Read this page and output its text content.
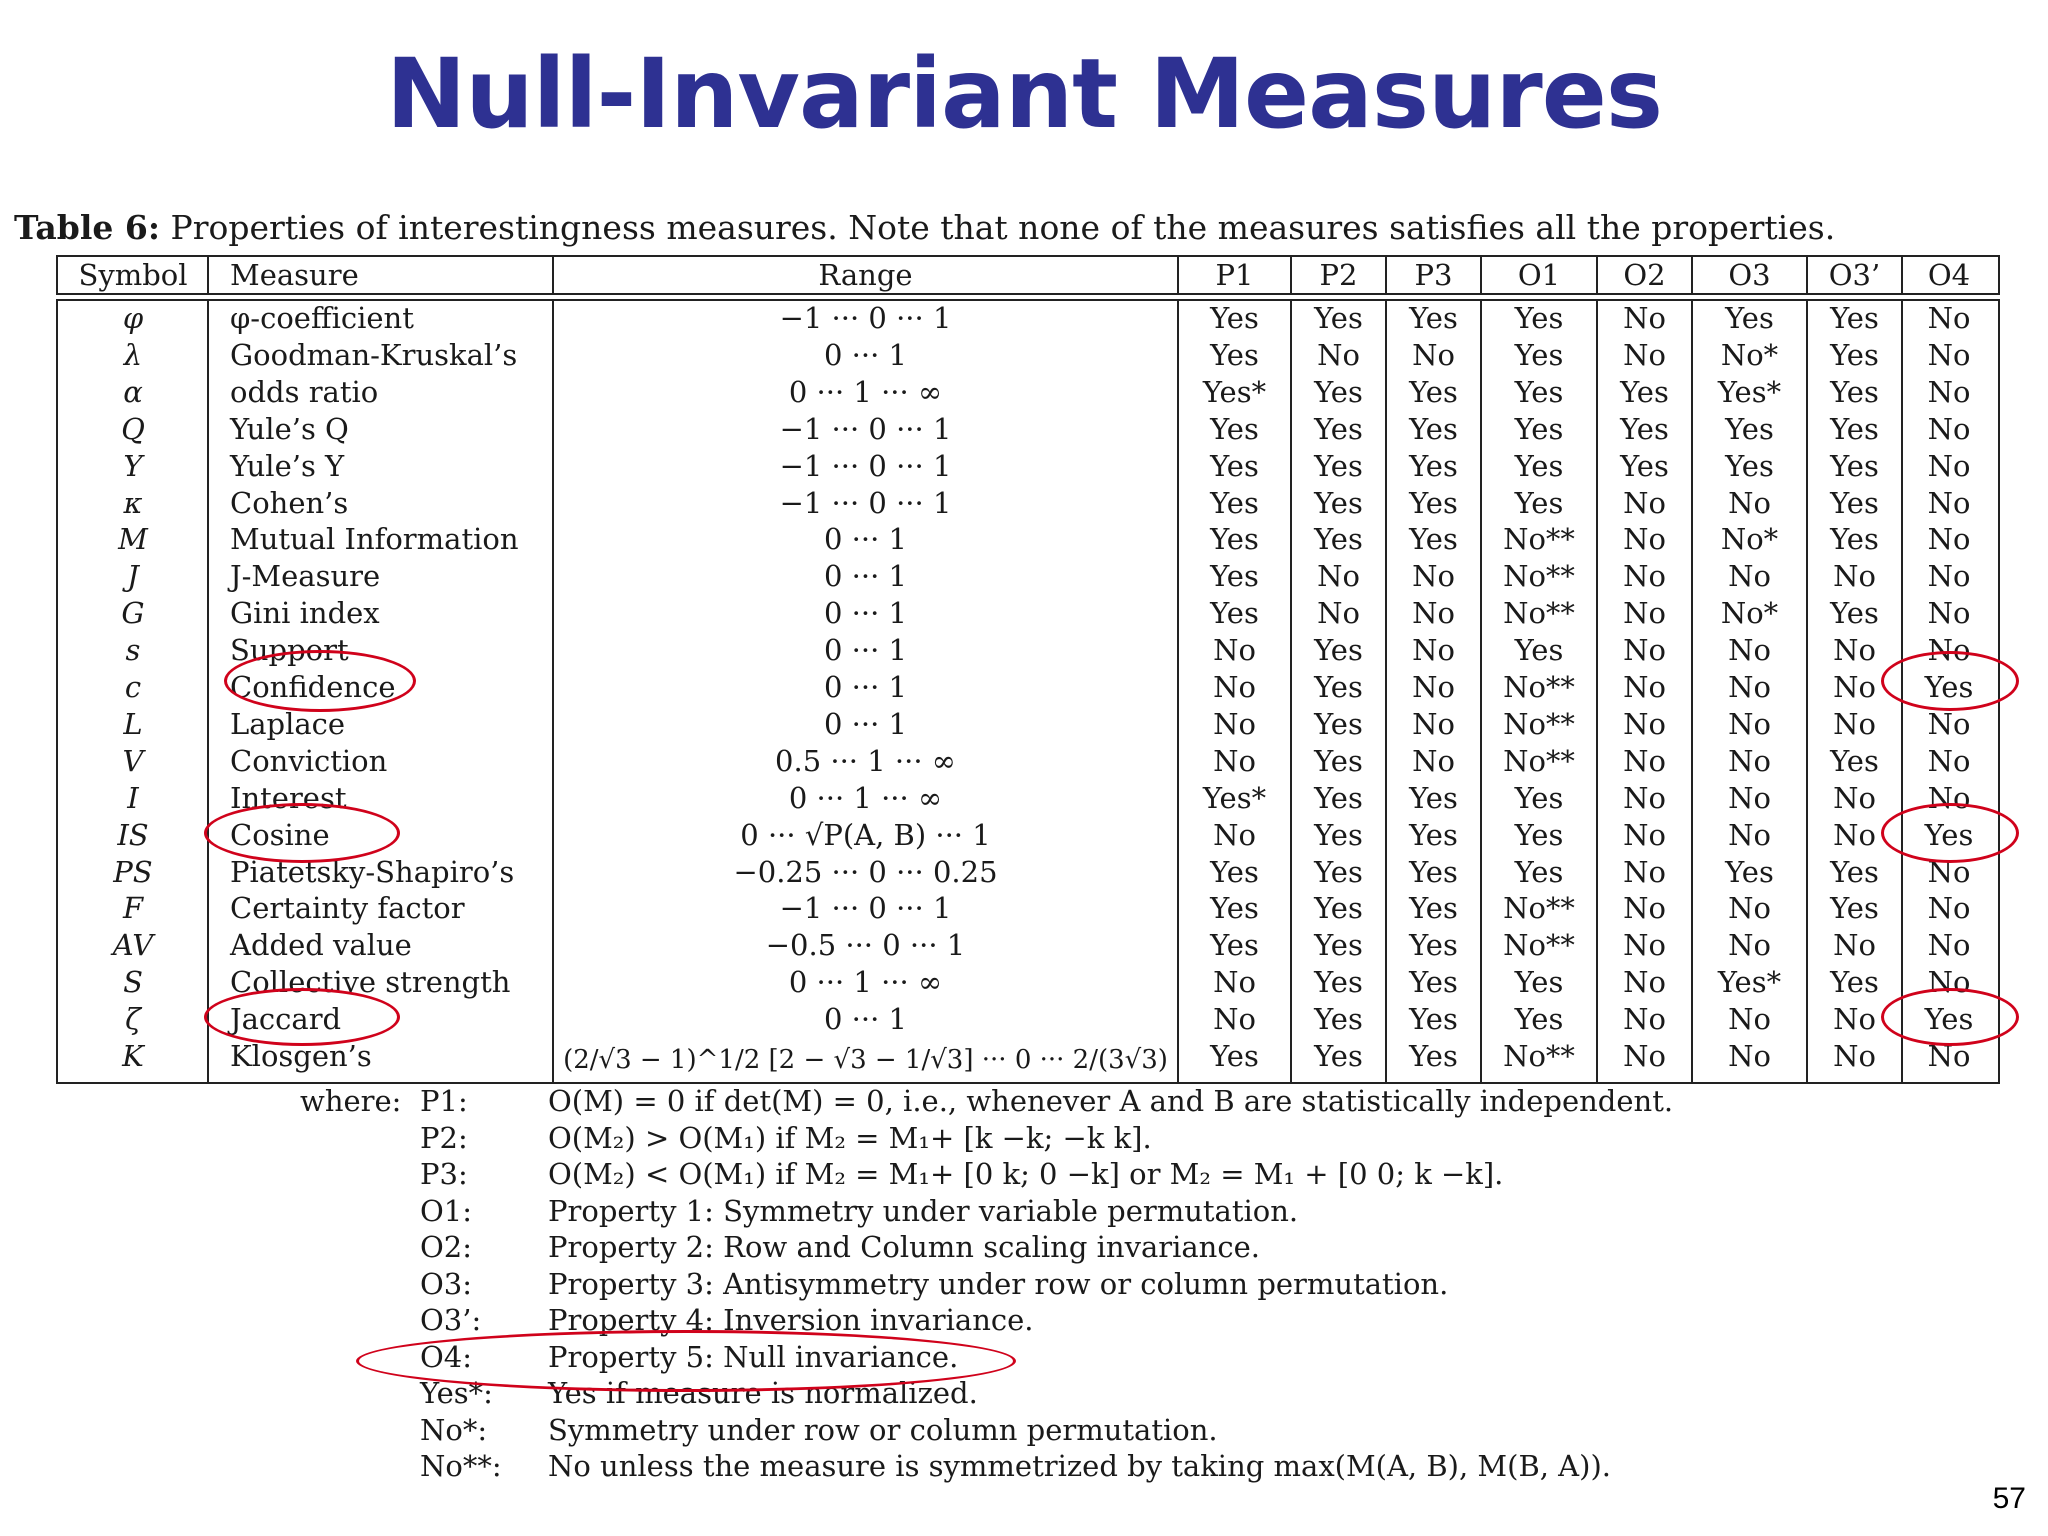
Null-Invariant Measures
Table 6: Properties of interestingness measures. Note that none of the measures satisfies all the properties.
Symbol	Measure	Range	P1	P2	P3	O1	O2	O3	O3’	O4
φ	φ-coefficient	−1 ··· 0 ··· 1	Yes	Yes	Yes	Yes	No	Yes	Yes	No
λ	Goodman-Kruskal’s	0 ··· 1	Yes	No	No	Yes	No	No*	Yes	No
α	odds ratio	0 ··· 1 ··· ∞	Yes*	Yes	Yes	Yes	Yes	Yes*	Yes	No
Q	Yule’s Q	−1 ··· 0 ··· 1	Yes	Yes	Yes	Yes	Yes	Yes	Yes	No
Y	Yule’s Y	−1 ··· 0 ··· 1	Yes	Yes	Yes	Yes	Yes	Yes	Yes	No
κ	Cohen’s	−1 ··· 0 ··· 1	Yes	Yes	Yes	Yes	No	No	Yes	No
M	Mutual Information	0 ··· 1	Yes	Yes	Yes	No**	No	No*	Yes	No
J	J-Measure	0 ··· 1	Yes	No	No	No**	No	No	No	No
G	Gini index	0 ··· 1	Yes	No	No	No**	No	No*	Yes	No
s	Support	0 ··· 1	No	Yes	No	Yes	No	No	No	No
c	Confidence	0 ··· 1	No	Yes	No	No**	No	No	No	Yes
L	Laplace	0 ··· 1	No	Yes	No	No**	No	No	No	No
V	Conviction	0.5 ··· 1 ··· ∞	No	Yes	No	No**	No	No	Yes	No
I	Interest	0 ··· 1 ··· ∞	Yes*	Yes	Yes	Yes	No	No	No	No
IS	Cosine	0 ··· √P(A, B) ··· 1	No	Yes	Yes	Yes	No	No	No	Yes
PS	Piatetsky-Shapiro’s	−0.25 ··· 0 ··· 0.25	Yes	Yes	Yes	Yes	No	Yes	Yes	No
F	Certainty factor	−1 ··· 0 ··· 1	Yes	Yes	Yes	No**	No	No	Yes	No
AV	Added value	−0.5 ··· 0 ··· 1	Yes	Yes	Yes	No**	No	No	No	No
S	Collective strength	0 ··· 1 ··· ∞	No	Yes	Yes	Yes	No	Yes*	Yes	No
ζ	Jaccard	0 ··· 1	No	Yes	Yes	Yes	No	No	No	Yes
K	Klosgen’s	(2/√3 − 1)^1/2 [2 − √3 − 1/√3] ··· 0 ··· 2/(3√3)	Yes	Yes	Yes	No**	No	No	No	No
where: P1:	O(M) = 0 if det(M) = 0, i.e., whenever A and B are statistically independent.
P2:	O(M₂) > O(M₁) if M₂ = M₁+ [k −k; −k k].
P3:	O(M₂) < O(M₁) if M₂ = M₁+ [0 k; 0 −k] or M₂ = M₁ + [0 0; k −k].
O1:	Property 1: Symmetry under variable permutation.
O2:	Property 2: Row and Column scaling invariance.
O3:	Property 3: Antisymmetry under row or column permutation.
O3’: Property 4: Inversion invariance.
O4:	Property 5: Null invariance.
Yes*: Yes if measure is normalized.
No*: Symmetry under row or column permutation.
No**: No unless the measure is symmetrized by taking max(M(A, B), M(B, A)).
57
